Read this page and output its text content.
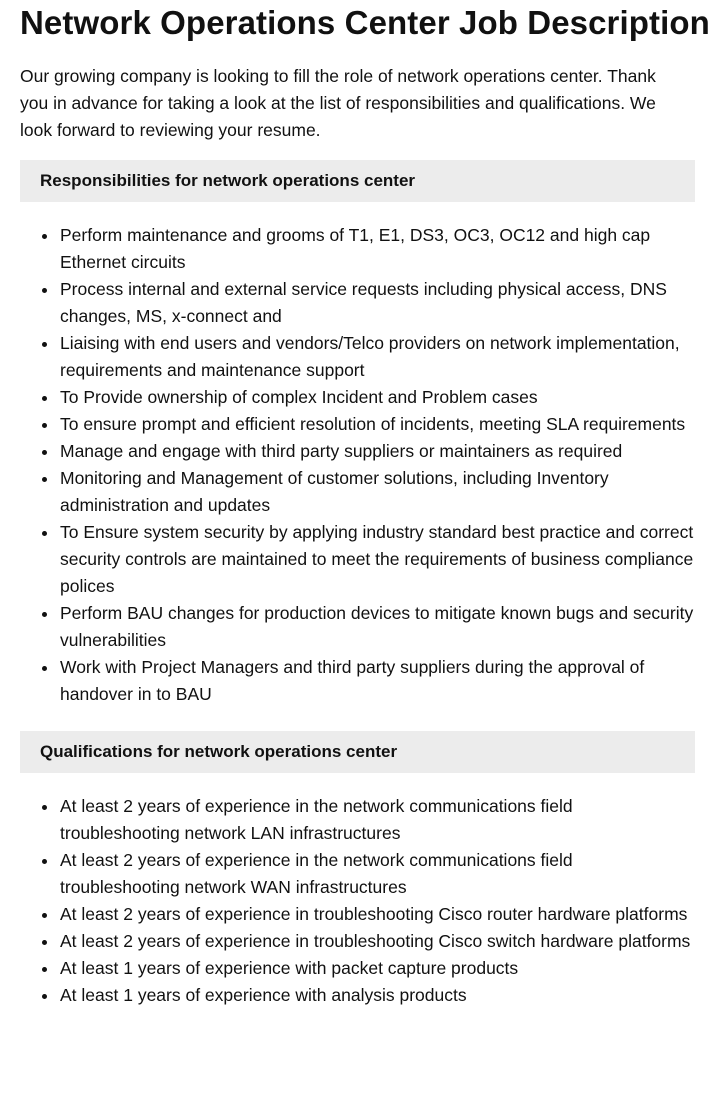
Network Operations Center Job Description

Our growing company is looking to fill the role of network operations center. Thank you in advance for taking a look at the list of responsibilities and qualifications. We look forward to reviewing your resume.

Responsibilities for network operations center
Perform maintenance and grooms of T1, E1, DS3, OC3, OC12 and high cap Ethernet circuits
Process internal and external service requests including physical access, DNS changes, MS, x-connect and
Liaising with end users and vendors/Telco providers on network implementation, requirements and maintenance support
To Provide ownership of complex Incident and Problem cases
To ensure prompt and efficient resolution of incidents, meeting SLA requirements
Manage and engage with third party suppliers or maintainers as required
Monitoring and Management of customer solutions, including Inventory administration and updates
To Ensure system security by applying industry standard best practice and correct security controls are maintained to meet the requirements of business compliance polices
Perform BAU changes for production devices to mitigate known bugs and security vulnerabilities
Work with Project Managers and third party suppliers during the approval of handover in to BAU
Qualifications for network operations center
At least 2 years of experience in the network communications field troubleshooting network LAN infrastructures
At least 2 years of experience in the network communications field troubleshooting network WAN infrastructures
At least 2 years of experience in troubleshooting Cisco router hardware platforms
At least 2 years of experience in troubleshooting Cisco switch hardware platforms
At least 1 years of experience with packet capture products
At least 1 years of experience with analysis products
